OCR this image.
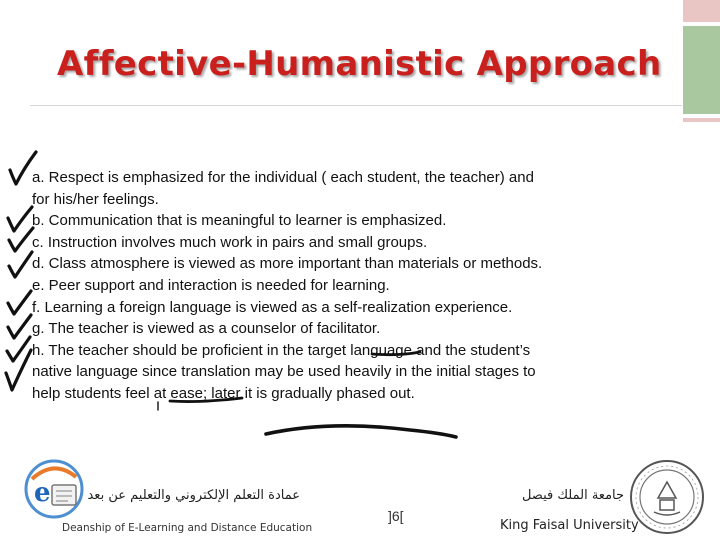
Affective-Humanistic Approach
a. Respect is emphasized for the individual ( each student, the teacher) and
for his/her feelings.
b. Communication that is meaningful to learner is emphasized.
c. Instruction involves much work in pairs and small groups.
d. Class atmosphere is viewed as more important than materials or methods.
e. Peer support and interaction is needed for learning.
f. Learning a foreign language is viewed as a self-realization experience.
g. The teacher is viewed as a counselor of facilitator.
h. The teacher should be proficient in the target language and the student’s
native language since translation may be used heavily in the initial stages to
help students feel at ease; later it is gradually phased out.
e	عمادة التعلم الإلكتروني والتعليم عن بعد
Deanship of E-Learning and Distance Education
]6[
جامعة الملك فيصل
King Faisal University
